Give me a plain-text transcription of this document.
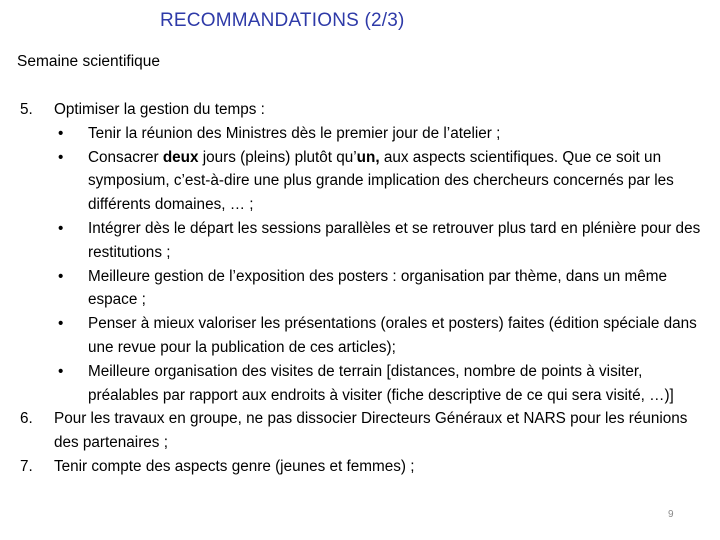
RECOMMANDATIONS (2/3)
Semaine scientifique
5. Optimiser la gestion du temps :
• Tenir la réunion des Ministres dès le premier jour de l’atelier ;
• Consacrer deux jours (pleins) plutôt qu’un, aux aspects scientifiques. Que ce soit un symposium, c’est-à-dire une plus grande implication des chercheurs concernés par les différents domaines, … ;
• Intégrer dès le départ les sessions parallèles et se retrouver plus tard en plénière pour des restitutions ;
• Meilleure gestion de l’exposition des posters : organisation par thème, dans un même espace ;
• Penser à mieux valoriser les présentations (orales et posters) faites (édition spéciale dans une revue pour la publication de ces articles);
• Meilleure organisation des visites de terrain [distances, nombre de points à visiter, préalables par rapport aux endroits à visiter (fiche descriptive de ce qui sera visité, …)]
6. Pour les travaux en groupe, ne pas dissocier Directeurs Généraux et NARS pour les réunions des partenaires ;
7. Tenir compte des aspects genre (jeunes et femmes) ;
9
